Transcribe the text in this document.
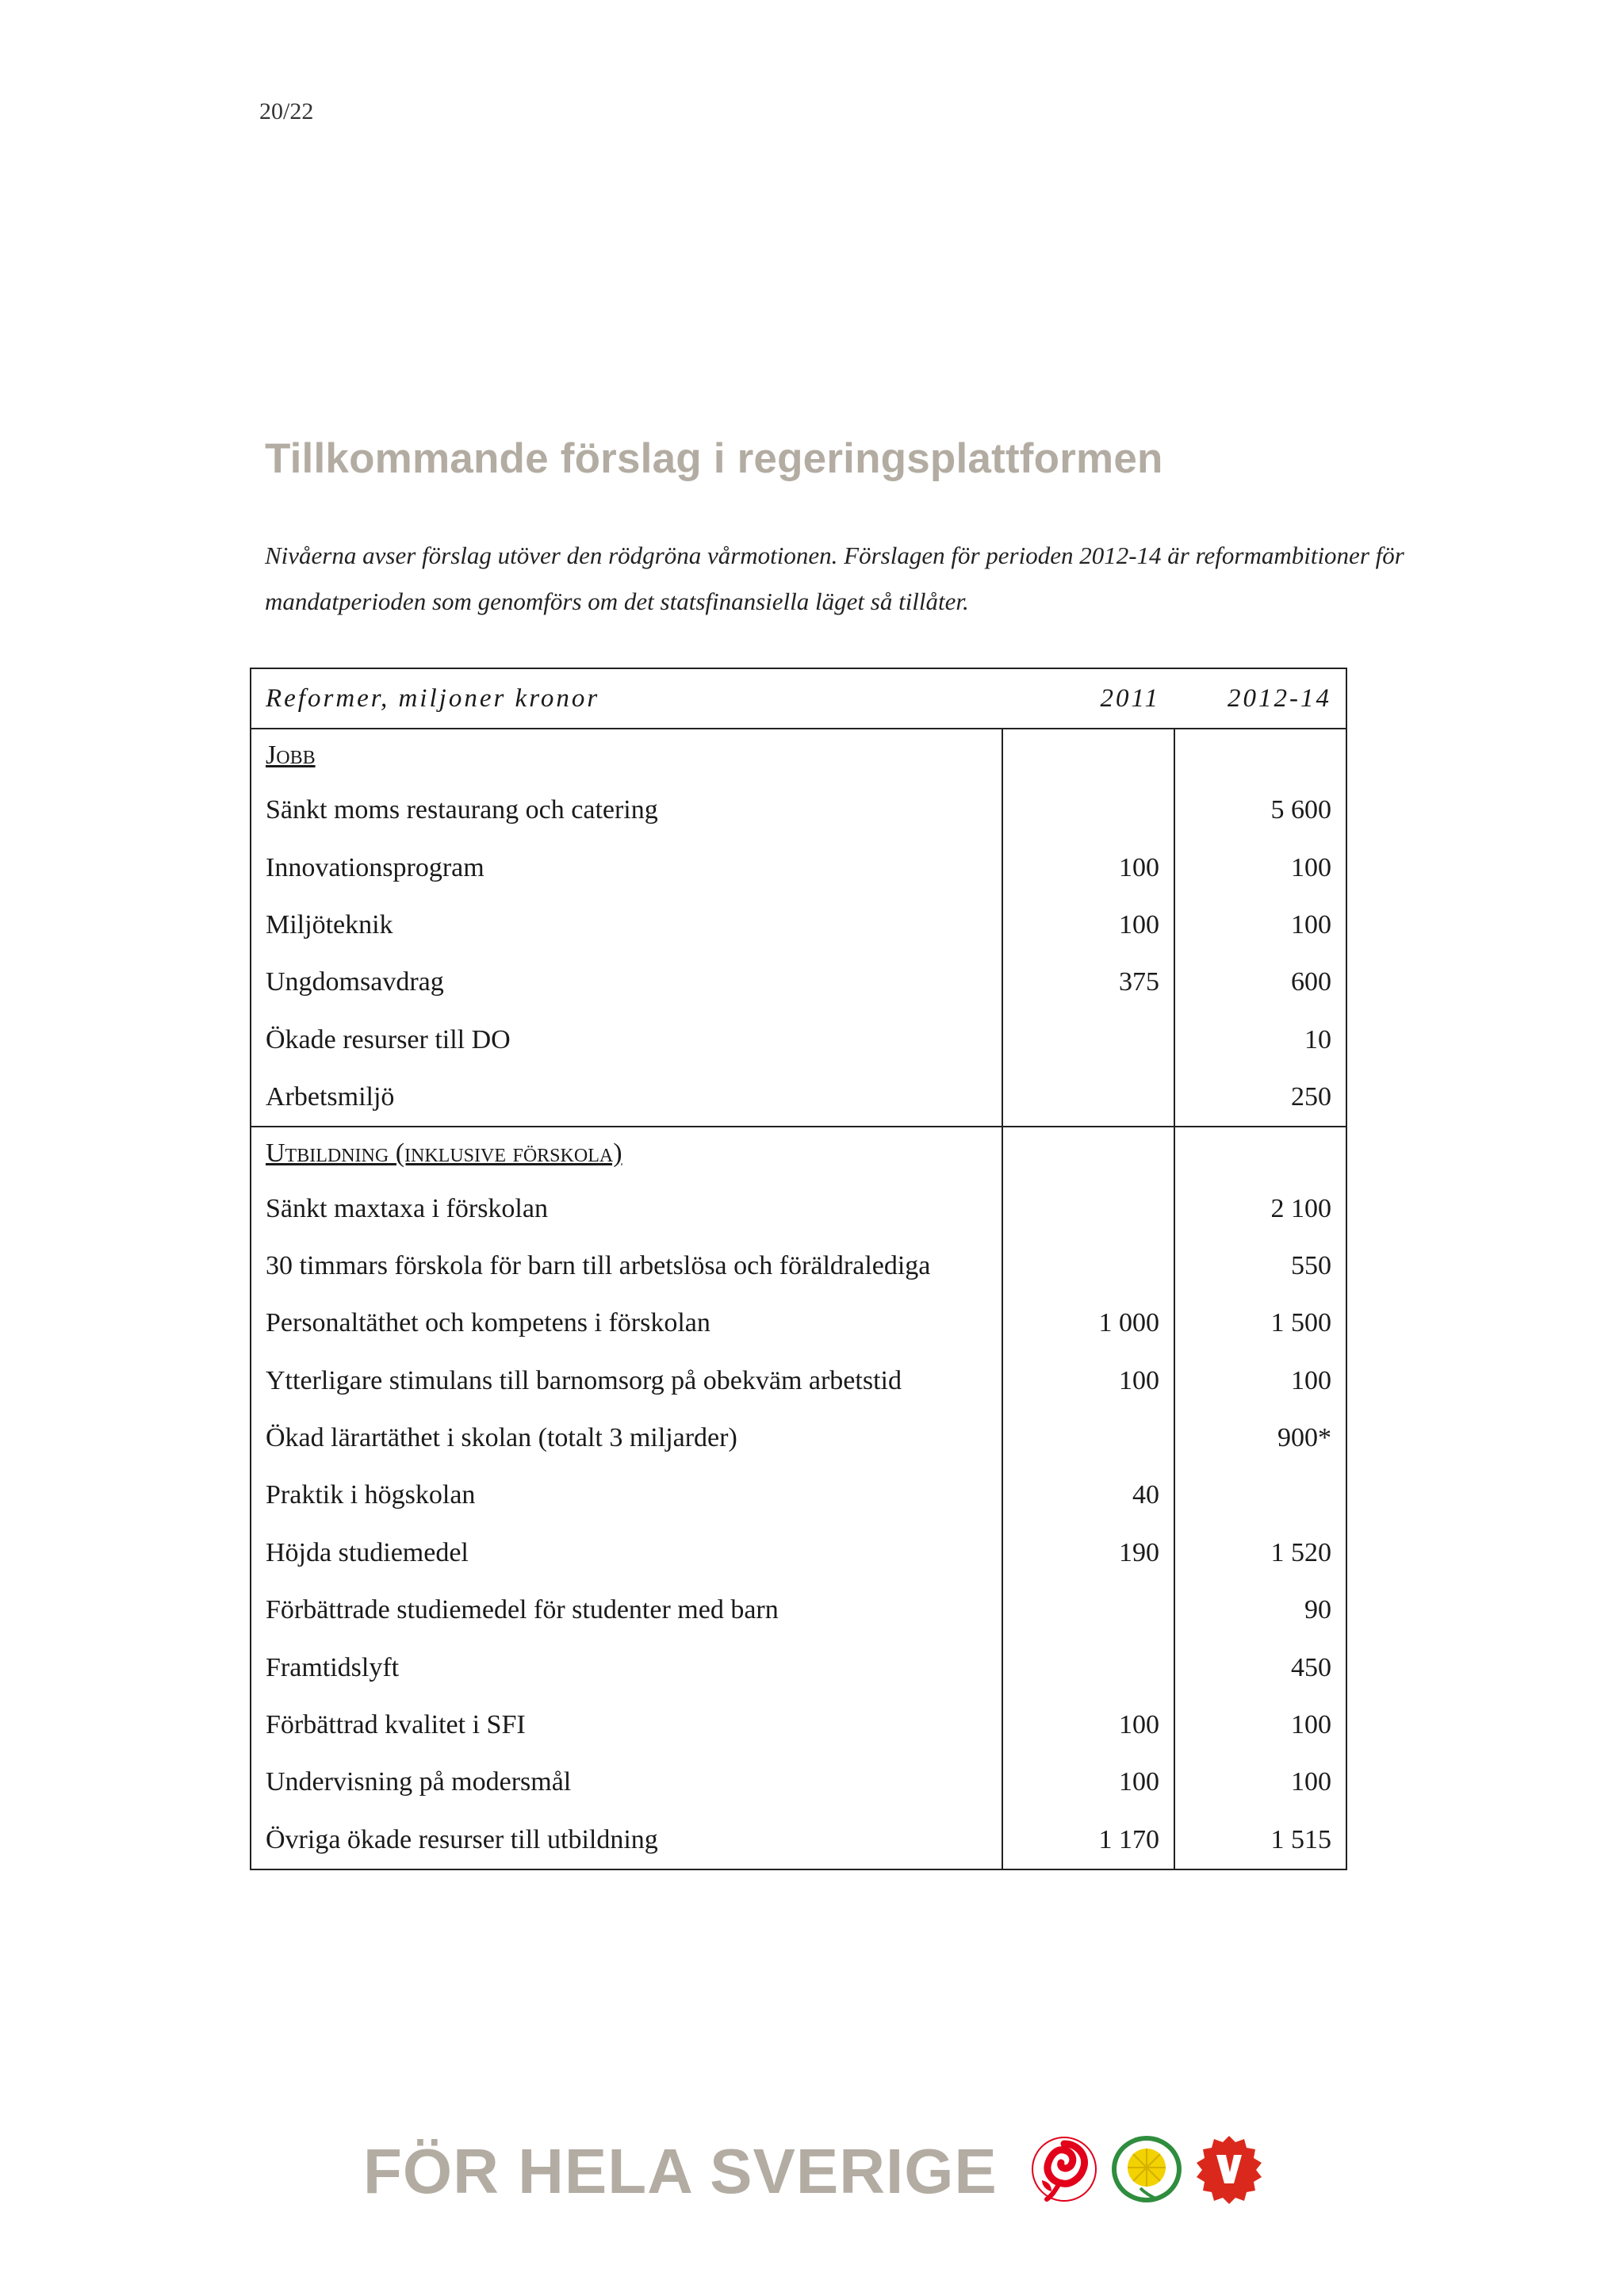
20/22
Tillkommande förslag i regeringsplattformen

Nivåerna avser förslag utöver den rödgröna vårmotionen. Förslagen för perioden 2012-14 är reformambitioner för mandatperioden som genomförs om det statsfinansiella läget så tillåter.

Reformer, miljoner kronor	2011	2012-14
Jobb		
Sänkt moms restaurang och catering		5 600
Innovationsprogram	100	100
Miljöteknik	100	100
Ungdomsavdrag	375	600
Ökade resurser till DO		10
Arbetsmiljö		250
Utbildning (inklusive förskola)		
Sänkt maxtaxa i förskolan		2 100
30 timmars förskola för barn till arbetslösa och föräldralediga		550
Personaltäthet och kompetens i förskolan	1 000	1 500
Ytterligare stimulans till barnomsorg på obekväm arbetstid	100	100
Ökad lärartäthet i skolan (totalt 3 miljarder)		900*
Praktik i högskolan	40	
Höjda studiemedel	190	1 520
Förbättrade studiemedel för studenter med barn		90
Framtidslyft		450
Förbättrad kvalitet i SFI	100	100
Undervisning på modersmål	100	100
Övriga ökade resurser till utbildning	1 170	1 515
FÖR HELA SVERIGE
